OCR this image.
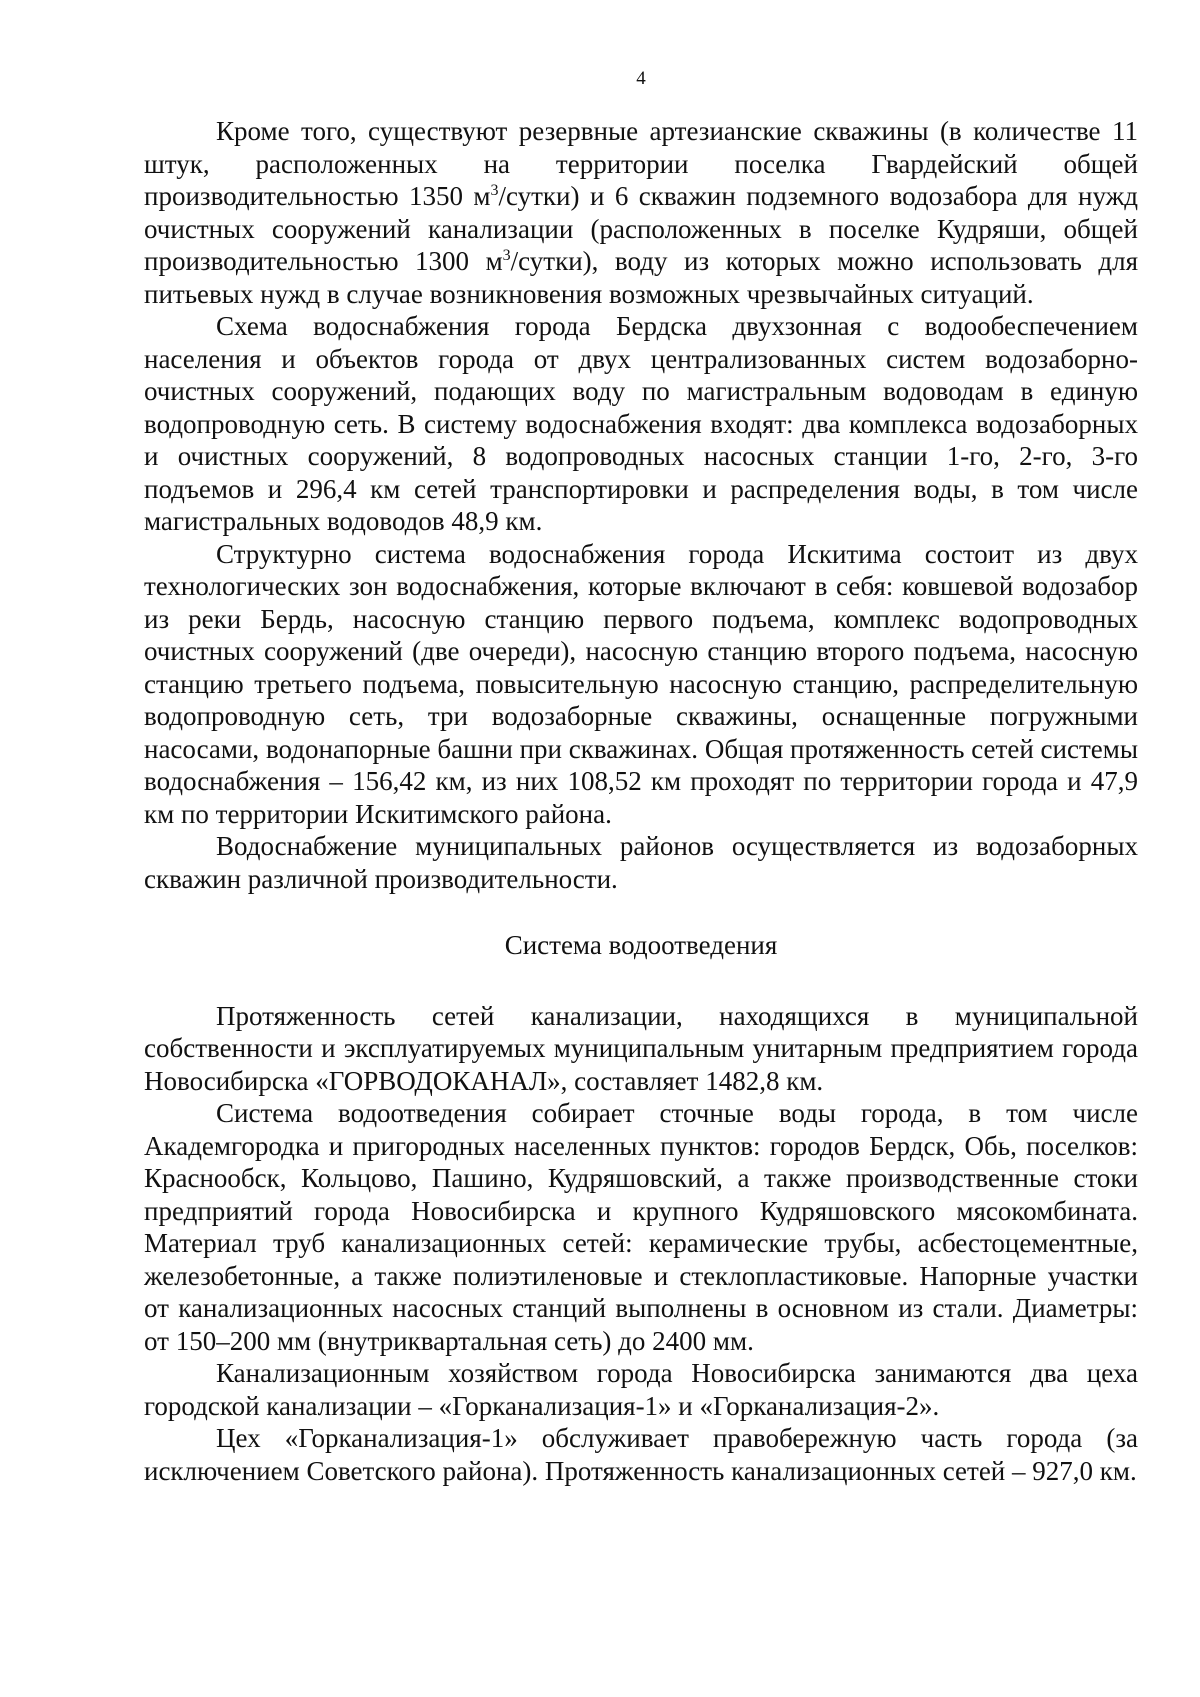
4

Кроме того, существуют резервные артезианские скважины (в количестве 11 штук, расположенных на территории поселка Гвардейский общей производительностью 1350 $м^3/сутки$) и 6 скважин подземного водозабора для нужд очистных сооружений канализации (расположенных в поселке Кудряши, общей производительностью 1300 $м^3/сутки$), воду из которых можно использовать для питьевых нужд в случае возникновения возможных чрезвычайных ситуаций.

Схема водоснабжения города Бердска двухзонная с водообеспечением населения и объектов города от двух централизованных систем водозаборно-очистных сооружений, подающих воду по магистральным водоводам в единую водопроводную сеть. В систему водоснабжения входят: два комплекса водозаборных и очистных сооружений, 8 водопроводных насосных станции 1-го, 2-го, 3-го подъемов и 296,4 км сетей транспортировки и распределения воды, в том числе магистральных водоводов 48,9 км.

Структурно система водоснабжения города Искитима состоит из двух технологических зон водоснабжения, которые включают в себя: ковшевой водозабор из реки Бердь, насосную станцию первого подъема, комплекс водопроводных очистных сооружений (две очереди), насосную станцию второго подъема, насосную станцию третьего подъема, повысительную насосную станцию, распределительную водопроводную сеть, три водозаборные скважины, оснащенные погружными насосами, водонапорные башни при скважинах. Общая протяженность сетей системы водоснабжения – 156,42 км, из них 108,52 км проходят по территории города и 47,9 км по территории Искитимского района.

Водоснабжение муниципальных районов осуществляется из водозаборных скважин различной производительности.

Система водоотведения

Протяженность сетей канализации, находящихся в муниципальной собственности и эксплуатируемых муниципальным унитарным предприятием города Новосибирска «ГОРВОДОКАНАЛ», составляет 1482,8 км.

Система водоотведения собирает сточные воды города, в том числе Академгородка и пригородных населенных пунктов: городов Бердск, Обь, поселков: Краснообск, Кольцово, Пашино, Кудряшовский, а также производственные стоки предприятий города Новосибирска и крупного Кудряшовского мясокомбината. Материал труб канализационных сетей: керамические трубы, асбестоцементные, железобетонные, а также полиэтиленовые и стеклопластиковые. Напорные участки от канализационных насосных станций выполнены в основном из стали. Диаметры: от 150–200 мм (внутриквартальная сеть) до 2400 мм.

Канализационным хозяйством города Новосибирска занимаются два цеха городской канализации – «Горканализация-1» и «Горканализация-2».

Цех «Горканализация-1» обслуживает правобережную часть города (за исключением Советского района). Протяженность канализационных сетей – 927,0 км.
